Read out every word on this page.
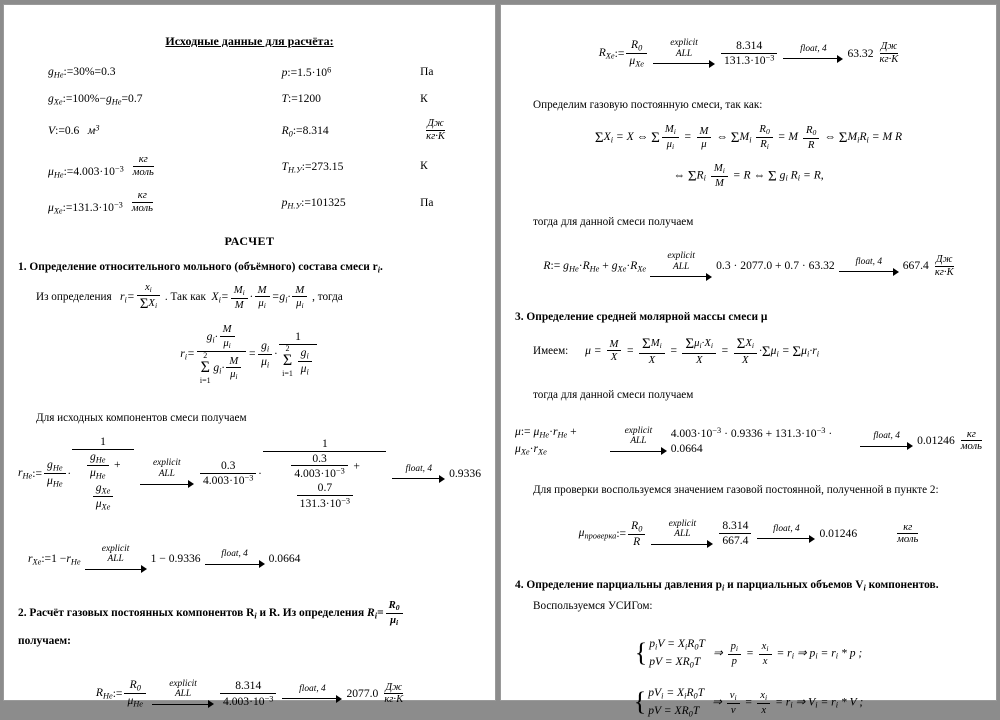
Исходные данные для расчёта:
$g_{He}:=30\%=0.3$		$p:=1.5\cdot 10^6$	Па
$g_{Xe}:=100\%-g_{He}=0.7$		T:=1200	К
V:=0.6 $м^3$		$R_0:=8.314$	$\frac{Дж}{кг\cdot К}$

$\mu_{He}:=4.003\cdot 10^{-3} \frac{кг}{\text{моль}}$		$T_{Н.У}:=273.15$	К
$\mu_{Xe}:=131.3\cdot 10^{-3} \frac{кг}{\text{моль}}$		$p_{Н.У}:=101325$	Па
РАСЧЕТ
1. Определение относительного мольного (объёмного) состава смеси $r_i$.
Из определения $r_i= \frac{x_i}{\Sigma X_i}$ . Так как $X_i= \frac{M_i}{M} \cdot \frac{M}{\mu_i} =g_i\cdot \frac{M}{\mu_i}$ , тогда
$r_i= g_i\cdot \frac{M}{\mu_i}$
2
Σ
i=1
$g_i\cdot \frac{M}{\mu_i} = \frac{g_i}{\mu_i} \cdot 1$
2
Σ
i=1
$\frac{g_i}{\mu_i}$
Для исходных компонентов смеси получаем
$r_{He}$ := $\frac{g_{He}}{\mu_{He}} \cdot 1$
$\frac{g_{He}}{\mu_{He}}$ +
$\frac{g_{Xe}}{\mu_{Xe}}$	explicit
ALL	$\frac{0.3}{4.003\cdot 10^{-3}} \cdot 1$
$\frac{0.3}{4.003\cdot 10^{-3}}$ +
$\frac{0.7}{131.3\cdot 10^{-3}}$	float, 4	0.9336
$r_{Xe}$ :=1 − $r_{He}$
explicit
ALL	1 − 0.9336	float, 4	0.0664
2. Расчёт газовых постоянных компонентов $R_i$ и R. Из определения $R_i= \frac{R_0}{\mu_i}$
получаем:
$R_{He}$ := $\frac{R_0}{\mu_{He}}$	explicit
ALL	$\frac{8.314}{4.003\cdot 10^{-3}}$	float, 4	$2077.0 \frac{Дж}{кг\cdot К}$
$R_{Xe}$ := $\frac{R_0}{\mu_{Xe}}$	explicit
ALL	$\frac{8.314}{131.3\cdot 10^{-3}}$	float, 4	$63.32 \frac{Дж}{кг\cdot К}$
Определим газовую постоянную смеси, так как:
$\Sigma X_i = X$ ⇔ Σ $\frac{M_i}{\mu_i} = \frac{M}{\mu}$ ⇔ $\Sigma M_i \frac{R_0}{R_i} = M \frac{R_0}{R}$ ⇔ $\Sigma M_iR_i = M$ R
⇔ $\Sigma R_i \frac{M_i}{M} = R$ ⇔ Σ $g_i$ $R_i = R$,
тогда для данной смеси получаем
R:= $g_{He}\cdot R_{He} + g_{Xe}\cdot R_{Xe}$
explicit
ALL	0.3 · 2077.0 + 0.7 · 63.32	float, 4	$667.4 \frac{Дж}{кг\cdot К}$
3. Определение средней молярной массы смеси μ
Имеем: $\mu = \frac{M}{X} = \frac{\Sigma M_i}{X} = \frac{\Sigma\mu_i\cdot X_i}{X} = \frac{\Sigma X_i}{X} \cdot\Sigma\mu_i = \Sigma\mu_i\cdot r_i$
тогда для данной смеси получаем
μ:= $\mu_{He}\cdot r_{He} + \mu_{Xe}\cdot r_{Xe}$
explicit
ALL
$4.003\cdot 10^{-3} \cdot 0.9336 + 131.3\cdot 10^{-3} \cdot 0.0664$
float, 4	$0.01246 \frac{кг}{\text{моль}}$
Для проверки воспользуемся значением газовой постоянной, полученной в пункте 2:
$\mu_{проверка}$ := $\frac{R_0}{R}$	explicit
ALL	$\frac{8.314}{667.4}$	float, 4	0.01246	$\frac{кг}{\text{моль}}$
4. Определение парциальны давления $p_i$ и парциальных объемов $V_i$ компонентов.
Воспользуемся УСИГом:
{ $p_iV = X_iR_0T$
pV = $XR_0T$
⇒ $\frac{p_i}{p} = \frac{x_i}{x} = r_i$ ⇒ $p_i = r_i * p$ ;
{ $pV_i = X_iR_0T$
pV = $XR_0T$
⇒ $\frac{v_i}{v} = \frac{x_i}{x} = r_i$ ⇒ $V_i = r_i * V$ ;
